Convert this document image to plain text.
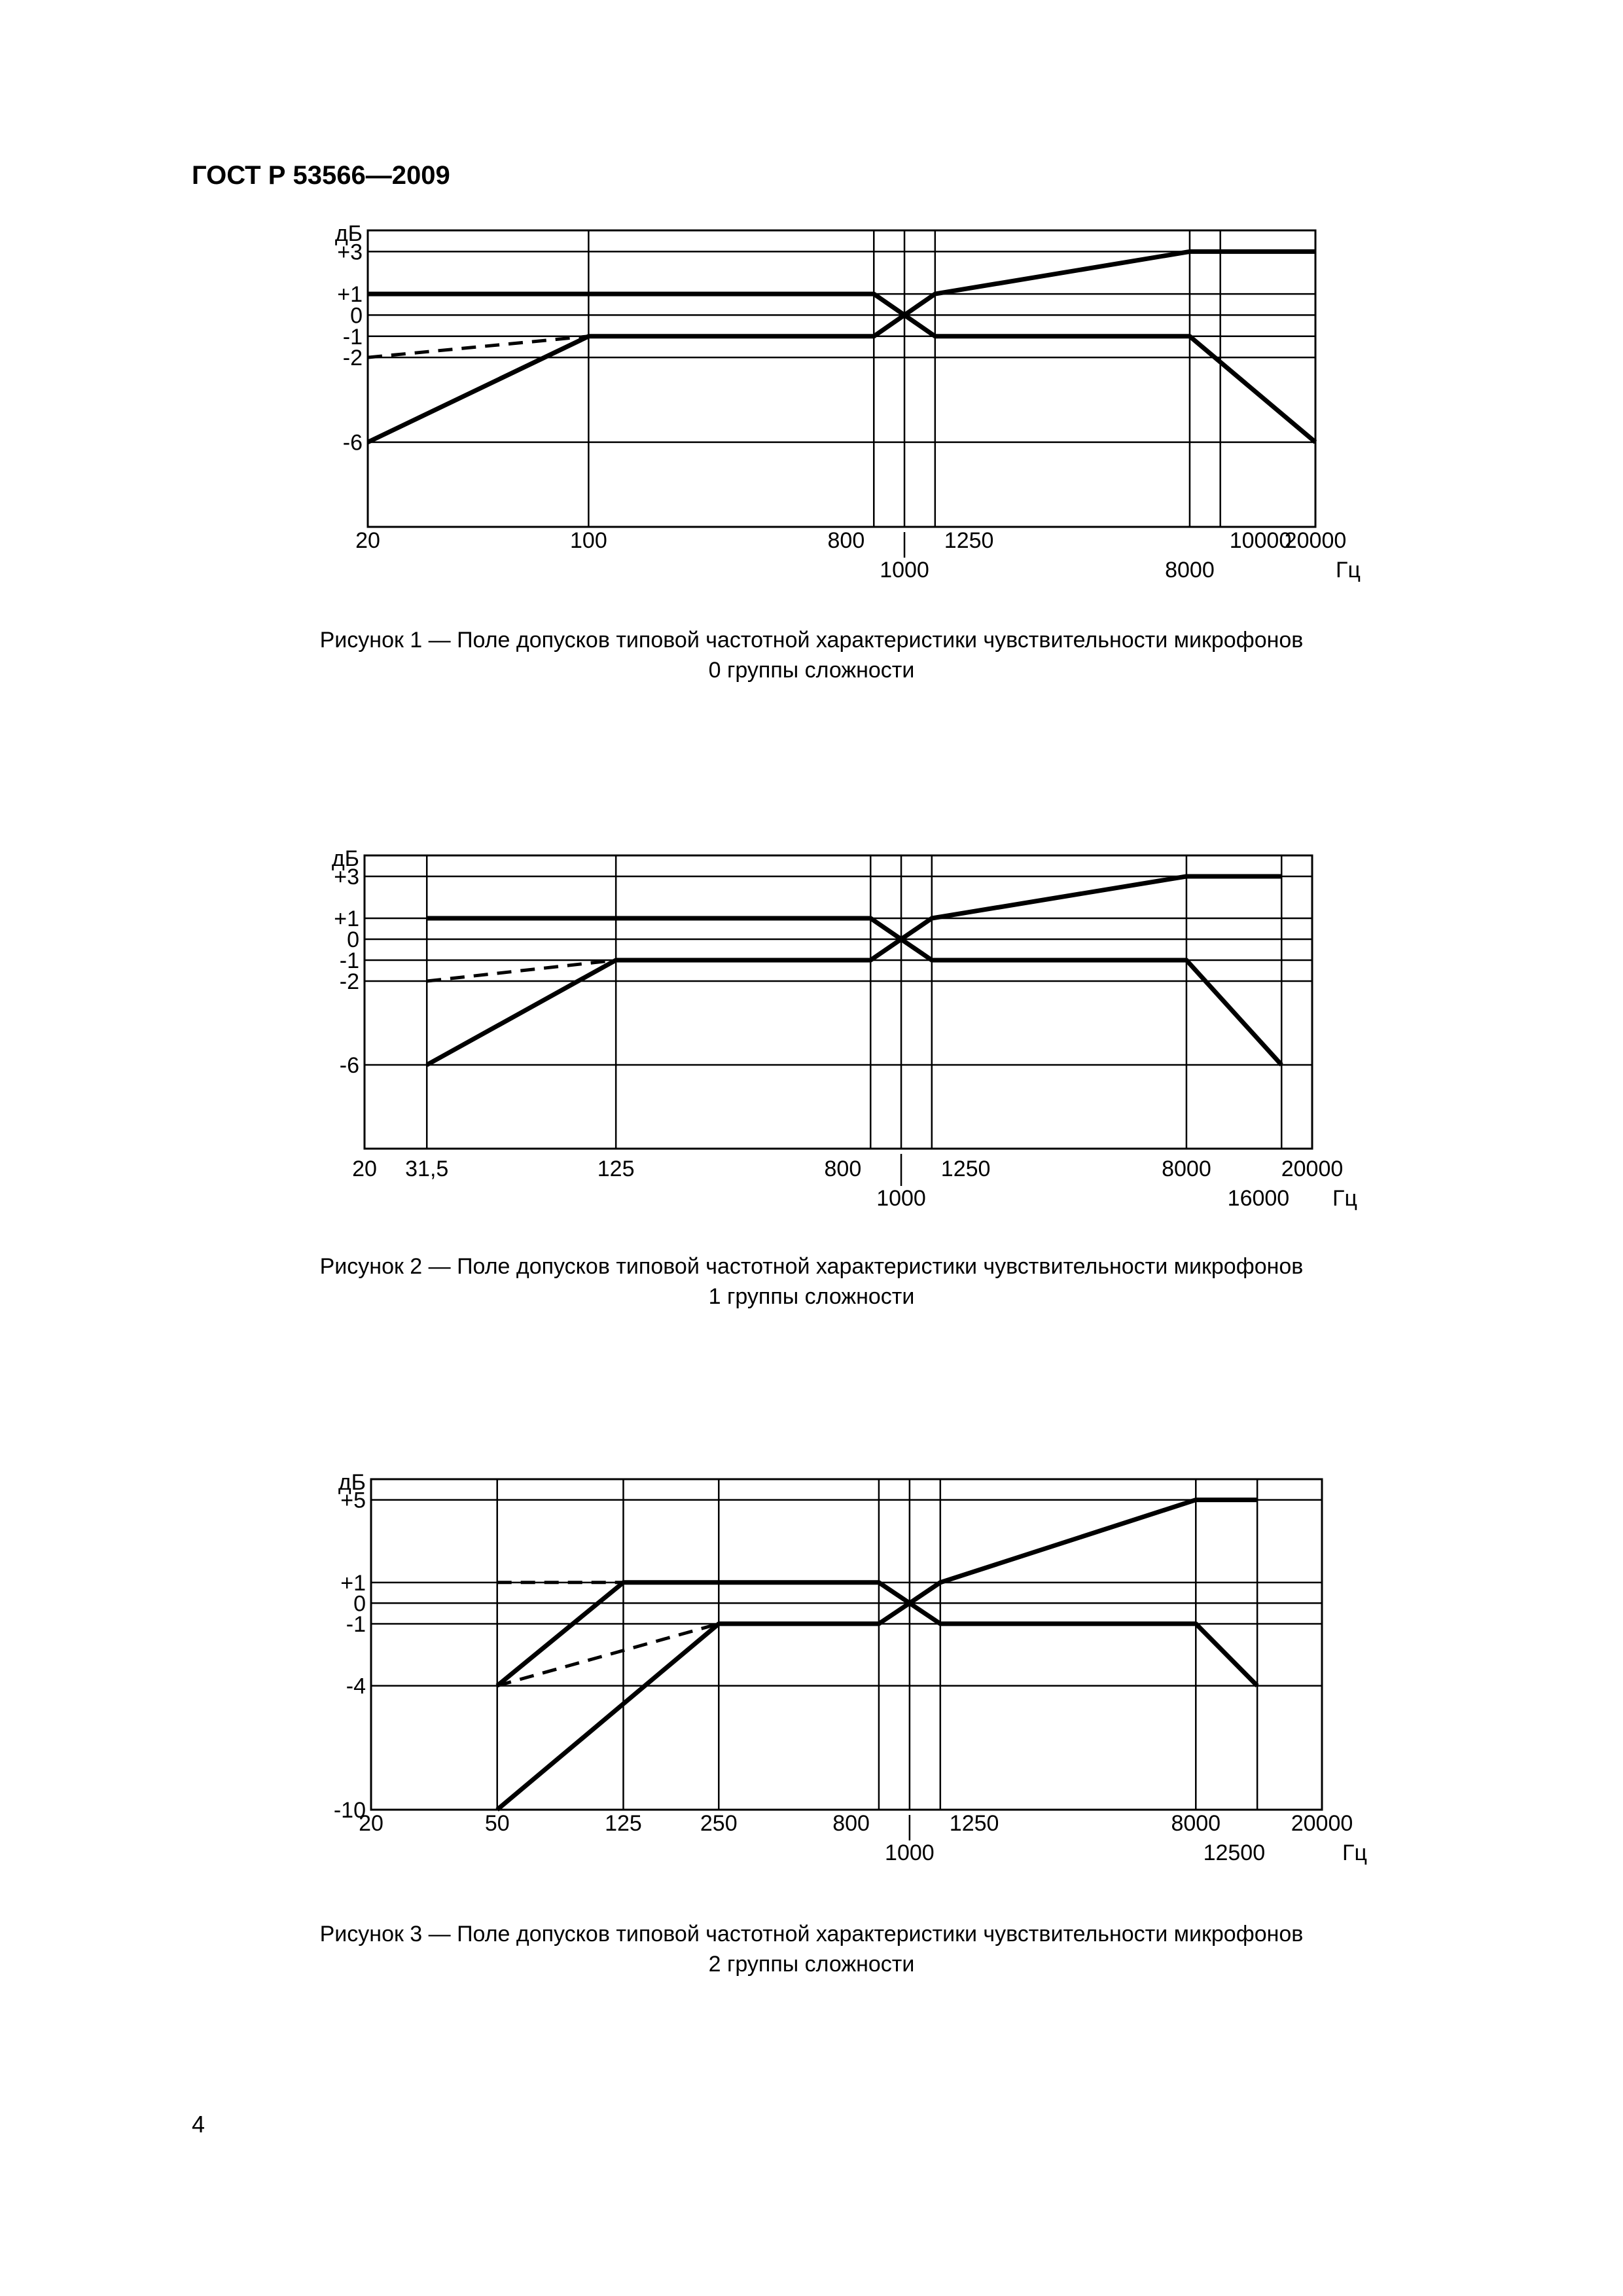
ГОСТ Р 53566—2009
+3
+1
0
-1
-2
-6
дБ
20	100	800	1250	10000
20000
1000	8000	Гц
Рисунок 1 — Поле допусков типовой частотной характеристики чувствительности микрофонов
0 группы сложности
+3
+1
0
-1
-2
-6
дБ
20 31,5	125	800	1250	8000	20000
1000	16000 Гц
Рисунок 2 — Поле допусков типовой частотной характеристики чувствительности микрофонов
1 группы сложности
+5
+1
0
-1
-4
-10
дБ
20	50	125	250	800	1250	8000	20000
1000	12500	Гц
Рисунок 3 — Поле допусков типовой частотной характеристики чувствительности микрофонов
2 группы сложности
4
